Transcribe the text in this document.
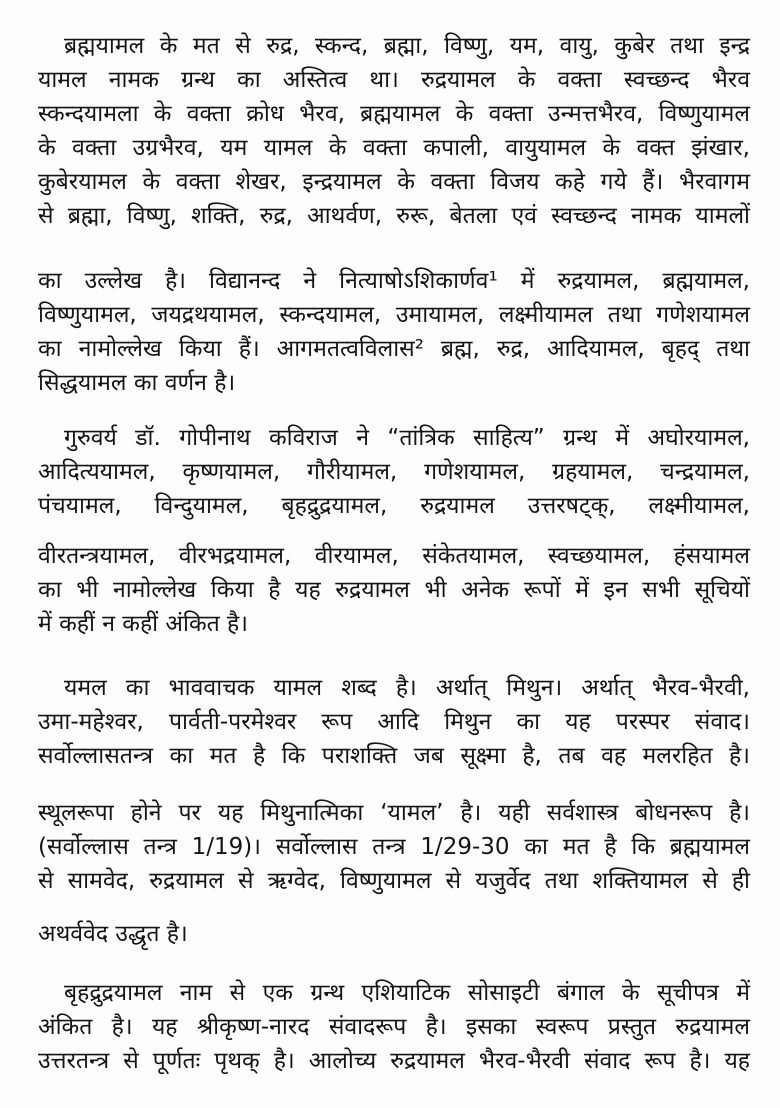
ब्रह्मयामल के मत से रुद्र, स्कन्द, ब्रह्मा, विष्णु, यम, वायु, कुबेर तथा इन्द्र
यामल नामक ग्रन्थ का अस्तित्व था। रुद्रयामल के वक्ता स्वच्छन्द भैरव
स्कन्दयामला के वक्ता क्रोध भैरव, ब्रह्मयामल के वक्ता उन्मत्तभैरव, विष्णुयामल
के वक्ता उग्रभैरव, यम यामल के वक्ता कपाली, वायुयामल के वक्त झंखार,
कुबेरयामल के वक्ता शेखर, इन्द्रयामल के वक्ता विजय कहे गये हैं। भैरवागम
से ब्रह्मा, विष्णु, शक्ति, रुद्र, आथर्वण, रुरू, बेतला एवं स्वच्छन्द नामक यामलों
का उल्लेख है। विद्यानन्द ने नित्याषोऽशिकार्णव¹ में रुद्रयामल, ब्रह्मयामल,
विष्णुयामल, जयद्रथयामल, स्कन्दयामल, उमायामल, लक्ष्मीयामल तथा गणेशयामल
का नामोल्लेख किया हैं। आगमतत्वविलास² ब्रह्म, रुद्र, आदियामल, बृहद् तथा
सिद्धयामल का वर्णन है।
गुरुवर्य डॉ. गोपीनाथ कविराज ने “तांत्रिक साहित्य” ग्रन्थ में अघोरयामल,
आदित्ययामल, कृष्णयामल, गौरीयामल, गणेशयामल, ग्रहयामल, चन्द्रयामल,
पंचयामल, विन्दुयामल, बृहद्रुद्रयामल, रुद्रयामल उत्तरषट्क्, लक्ष्मीयामल,
वीरतन्त्रयामल, वीरभद्रयामल, वीरयामल, संकेतयामल, स्वच्छयामल, हंसयामल
का भी नामोल्लेख किया है यह रुद्रयामल भी अनेक रूपों में इन सभी सूचियों
में कहीं न कहीं अंकित है।
यमल का भाववाचक यामल शब्द है। अर्थात् मिथुन। अर्थात् भैरव-भैरवी,
उमा-महेश्वर, पार्वती-परमेश्वर रूप आदि मिथुन का यह परस्पर संवाद।
सर्वोल्लासतन्त्र का मत है कि पराशक्ति जब सूक्ष्मा है, तब वह मलरहित है।
स्थूलरूपा होने पर यह मिथुनात्मिका ‘यामल’ है। यही सर्वशास्त्र बोधनरूप है।
(सर्वोल्लास तन्त्र 1/19)। सर्वोल्लास तन्त्र 1/29-30 का मत है कि ब्रह्मयामल
से सामवेद, रुद्रयामल से ऋग्वेद, विष्णुयामल से यजुर्वेद तथा शक्तियामल से ही
अथर्ववेद उद्धृत है।
बृहद्रुद्रयामल नाम से एक ग्रन्थ एशियाटिक सोसाइटी बंगाल के सूचीपत्र में
अंकित है। यह श्रीकृष्ण-नारद संवादरूप है। इसका स्वरूप प्रस्तुत रुद्रयामल
उत्तरतन्त्र से पूर्णतः पृथक् है। आलोच्य रुद्रयामल भैरव-भैरवी संवाद रूप है। यह
